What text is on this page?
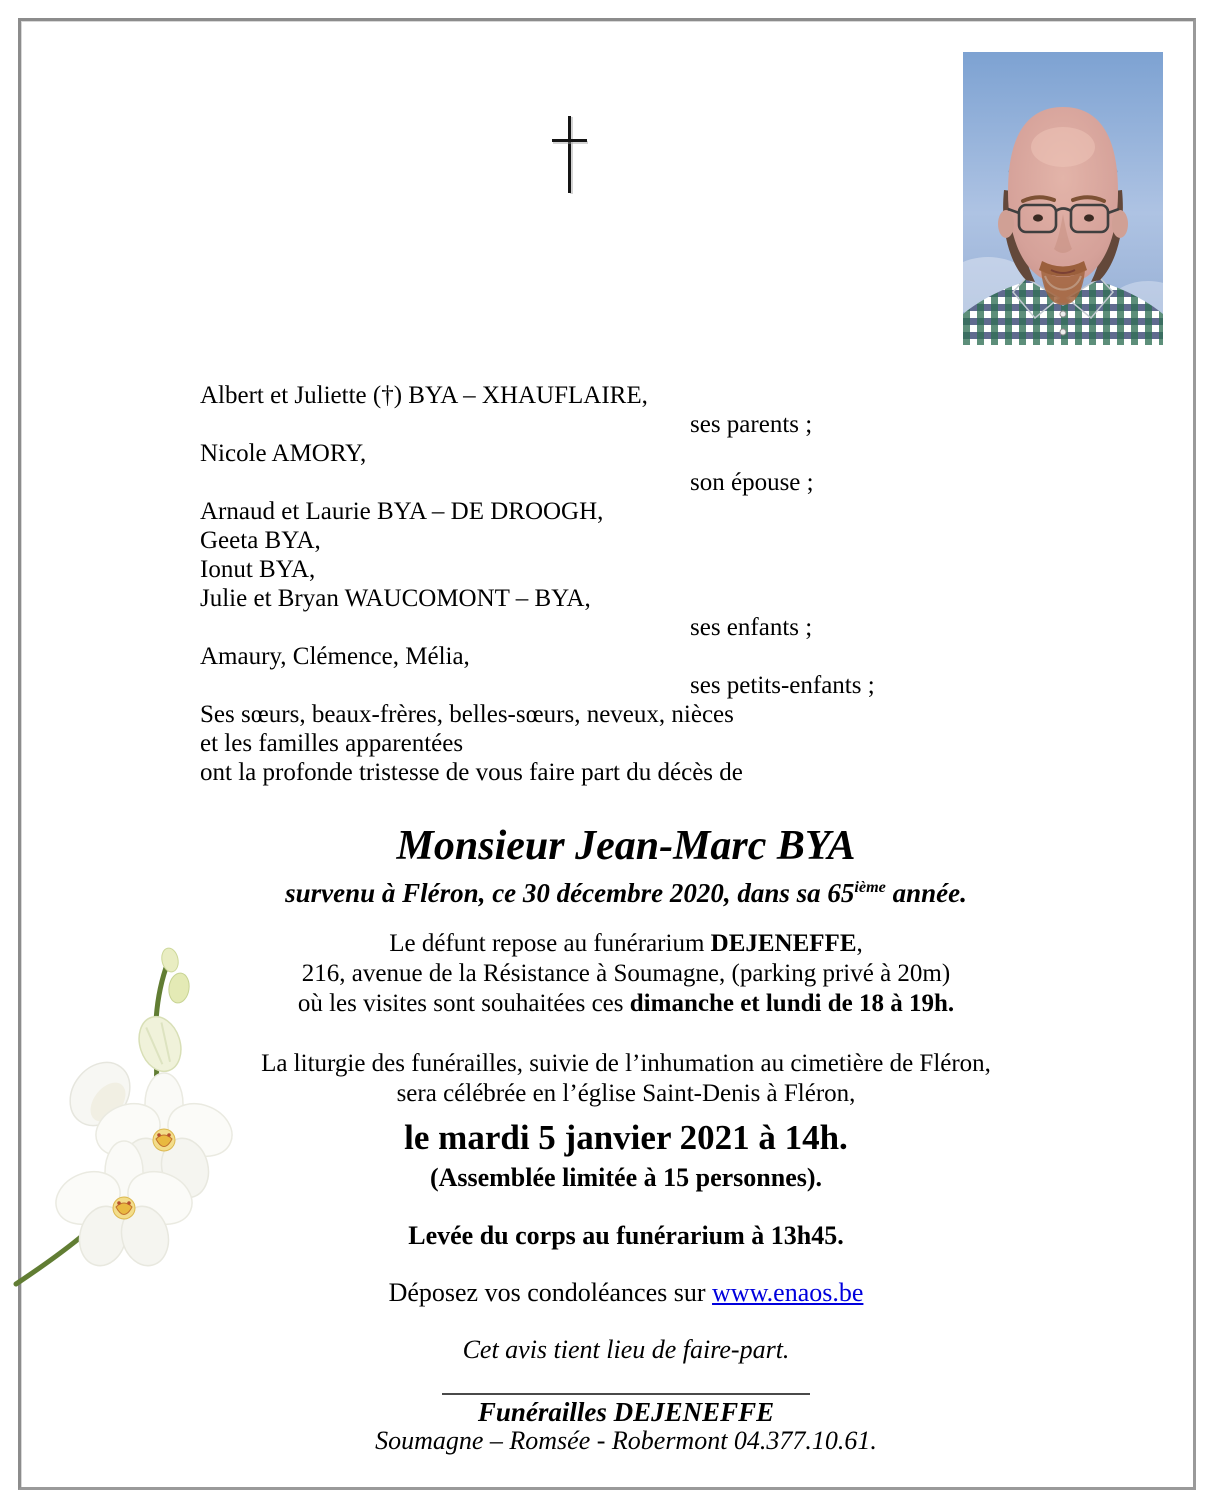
Albert et Juliette (†) BYA – XHAUFLAIRE,
ses parents ;
Nicole AMORY,
son épouse ;
Arnaud et Laurie BYA – DE DROOGH,
Geeta BYA,
Ionut BYA,
Julie et Bryan WAUCOMONT – BYA,
ses enfants ;
Amaury, Clémence, Mélia,
ses petits-enfants ;
Ses sœurs, beaux-frères, belles-sœurs, neveux, nièces
et les familles apparentées
ont la profonde tristesse de vous faire part du décès de
Monsieur Jean-Marc BYA
survenu à Fléron, ce 30 décembre 2020, dans sa 65ième année.
Le défunt repose au funérarium DEJENEFFE,
216, avenue de la Résistance à Soumagne, (parking privé à 20m)
où les visites sont souhaitées ces dimanche et lundi de 18 à 19h.
La liturgie des funérailles, suivie de l’inhumation au cimetière de Fléron,
sera célébrée en l’église Saint-Denis à Fléron,
le mardi 5 janvier 2021 à 14h.
(Assemblée limitée à 15 personnes).
Levée du corps au funérarium à 13h45.
Déposez vos condoléances sur www.enaos.be
Cet avis tient lieu de faire-part.
Funérailles DEJENEFFE
Soumagne – Romsée - Robermont 04.377.10.61.
